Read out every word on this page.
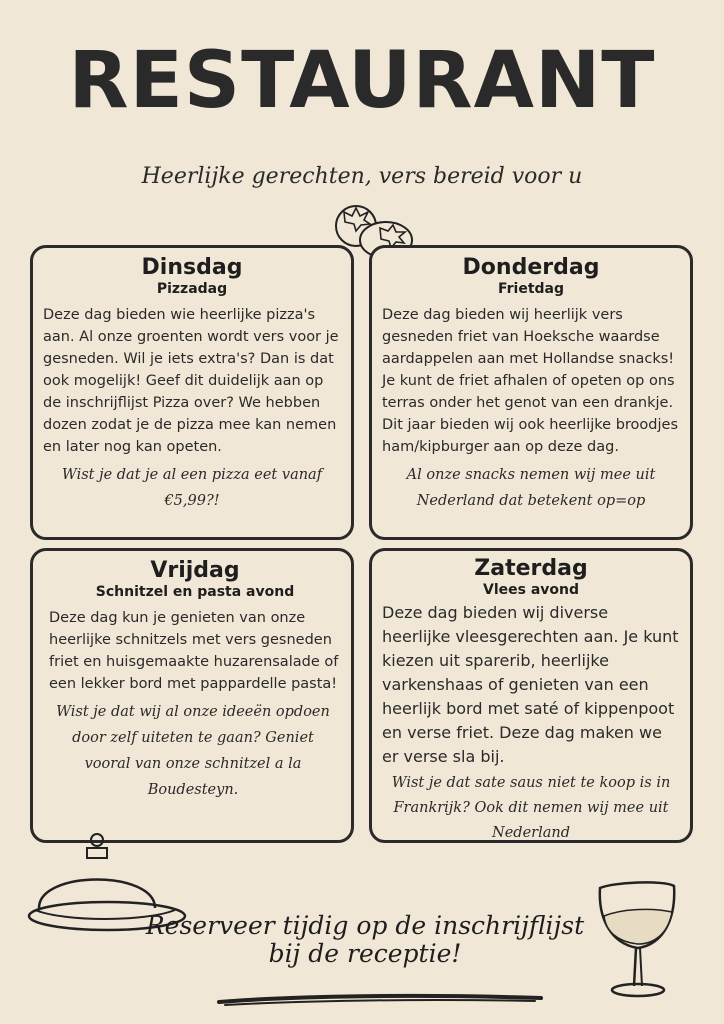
RESTAURANT
Heerlijke gerechten, vers bereid voor u
Dinsdag
Pizzadag
Deze dag bieden wie heerlijke pizza's aan. Al onze groenten wordt vers voor je gesneden. Wil je iets extra's? Dan is dat ook mogelijk! Geef dit duidelijk aan op de inschrijflijst Pizza over? We hebben dozen zodat je de pizza mee kan nemen en later nog kan opeten.
Wist je dat je al een pizza eet vanaf €5,99?!
Donderdag
Frietdag
Deze dag bieden wij heerlijk vers gesneden friet van Hoeksche waardse aardappelen aan met Hollandse snacks! Je kunt de friet afhalen of opeten op ons terras onder het genot van een drankje. Dit jaar bieden wij ook heerlijke broodjes ham/kipburger aan op deze dag.
Al onze snacks nemen wij mee uit Nederland dat betekent op=op
Vrijdag
Schnitzel en pasta avond
Deze dag kun je genieten van onze heerlijke schnitzels met vers gesneden friet en huisgemaakte huzarensalade of een lekker bord met pappardelle pasta!
Wist je dat wij al onze ideeën opdoen door zelf uiteten te gaan? Geniet vooral van onze schnitzel a la Boudesteyn.
Zaterdag
Vlees avond
Deze dag bieden wij diverse heerlijke vleesgerechten aan. Je kunt kiezen uit sparerib, heerlijke varkenshaas of genieten van een heerlijk bord met saté of kippenpoot en verse friet. Deze dag maken we er verse sla bij.
Wist je dat sate saus niet te koop is in Frankrijk? Ook dit nemen wij mee uit Nederland
Reserveer tijdig op de inschrijflijst bij de receptie!
